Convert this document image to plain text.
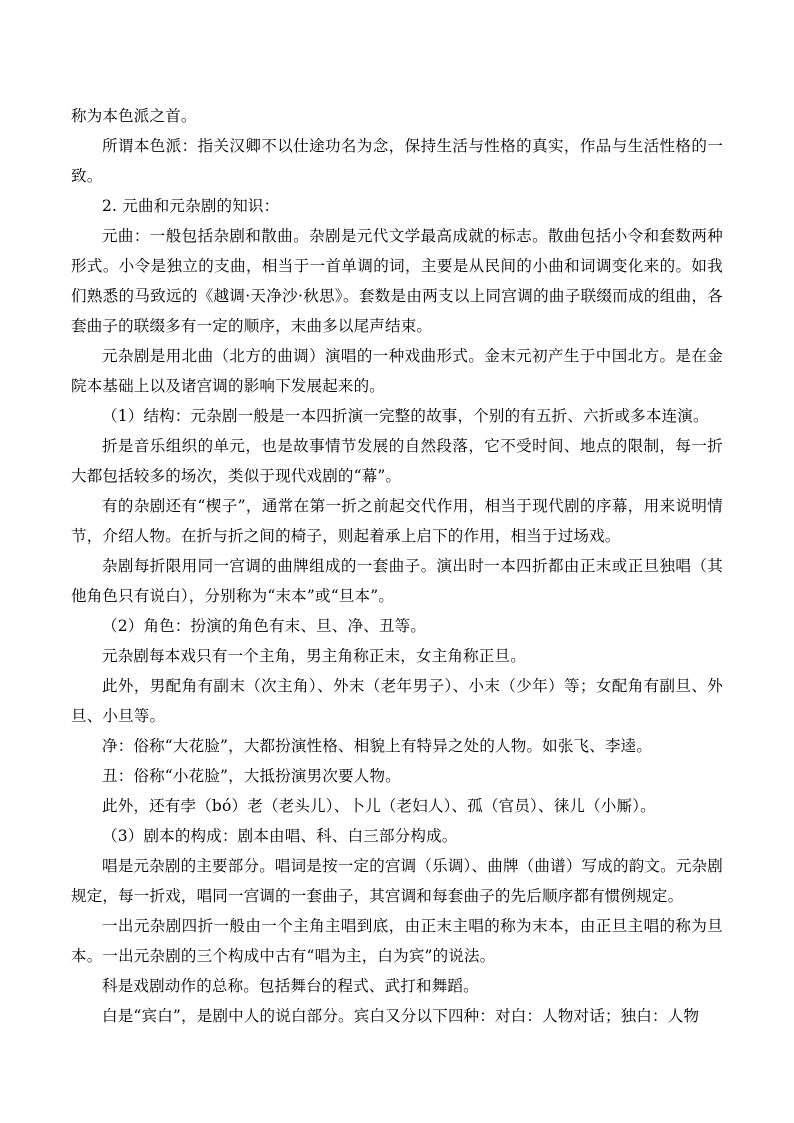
称为本色派之首。

所谓本色派：指关汉卿不以仕途功名为念，保持生活与性格的真实，作品与生活性格的一致。

2. 元曲和元杂剧的知识：

元曲：一般包括杂剧和散曲。杂剧是元代文学最高成就的标志。散曲包括小令和套数两种形式。小令是独立的支曲，相当于一首单调的词，主要是从民间的小曲和词调变化来的。如我们熟悉的马致远的《越调·天净沙·秋思》。套数是由两支以上同宫调的曲子联缀而成的组曲，各套曲子的联缀多有一定的顺序，末曲多以尾声结束。

元杂剧是用北曲（北方的曲调）演唱的一种戏曲形式。金末元初产生于中国北方。是在金院本基础上以及诸宫调的影响下发展起来的。

（1）结构：元杂剧一般是一本四折演一完整的故事，个别的有五折、六折或多本连演。

折是音乐组织的单元，也是故事情节发展的自然段落，它不受时间、地点的限制，每一折大都包括较多的场次，类似于现代戏剧的“幕”。

有的杂剧还有“楔子”，通常在第一折之前起交代作用，相当于现代剧的序幕，用来说明情节，介绍人物。在折与折之间的椅子，则起着承上启下的作用，相当于过场戏。

杂剧每折限用同一宫调的曲牌组成的一套曲子。演出时一本四折都由正末或正旦独唱（其他角色只有说白），分别称为“末本”或“旦本”。

（2）角色：扮演的角色有末、旦、净、丑等。

元杂剧每本戏只有一个主角，男主角称正末，女主角称正旦。

此外，男配角有副末（次主角）、外末（老年男子）、小末（少年）等；女配角有副旦、外旦、小旦等。

净：俗称“大花脸”，大都扮演性格、相貌上有特异之处的人物。如张飞、李逵。

丑：俗称“小花脸”，大抵扮演男次要人物。

此外，还有孛（bó）老（老头儿）、卜儿（老妇人）、孤（官员）、徕儿（小厮）。

（3）剧本的构成：剧本由唱、科、白三部分构成。

唱是元杂剧的主要部分。唱词是按一定的宫调（乐调）、曲牌（曲谱）写成的韵文。元杂剧规定，每一折戏，唱同一宫调的一套曲子，其宫调和每套曲子的先后顺序都有惯例规定。

一出元杂剧四折一般由一个主角主唱到底，由正末主唱的称为末本，由正旦主唱的称为旦本。一出元杂剧的三个构成中古有“唱为主，白为宾”的说法。

科是戏剧动作的总称。包括舞台的程式、武打和舞蹈。

白是“宾白”，是剧中人的说白部分。宾白又分以下四种：对白：人物对话；独白：人物
